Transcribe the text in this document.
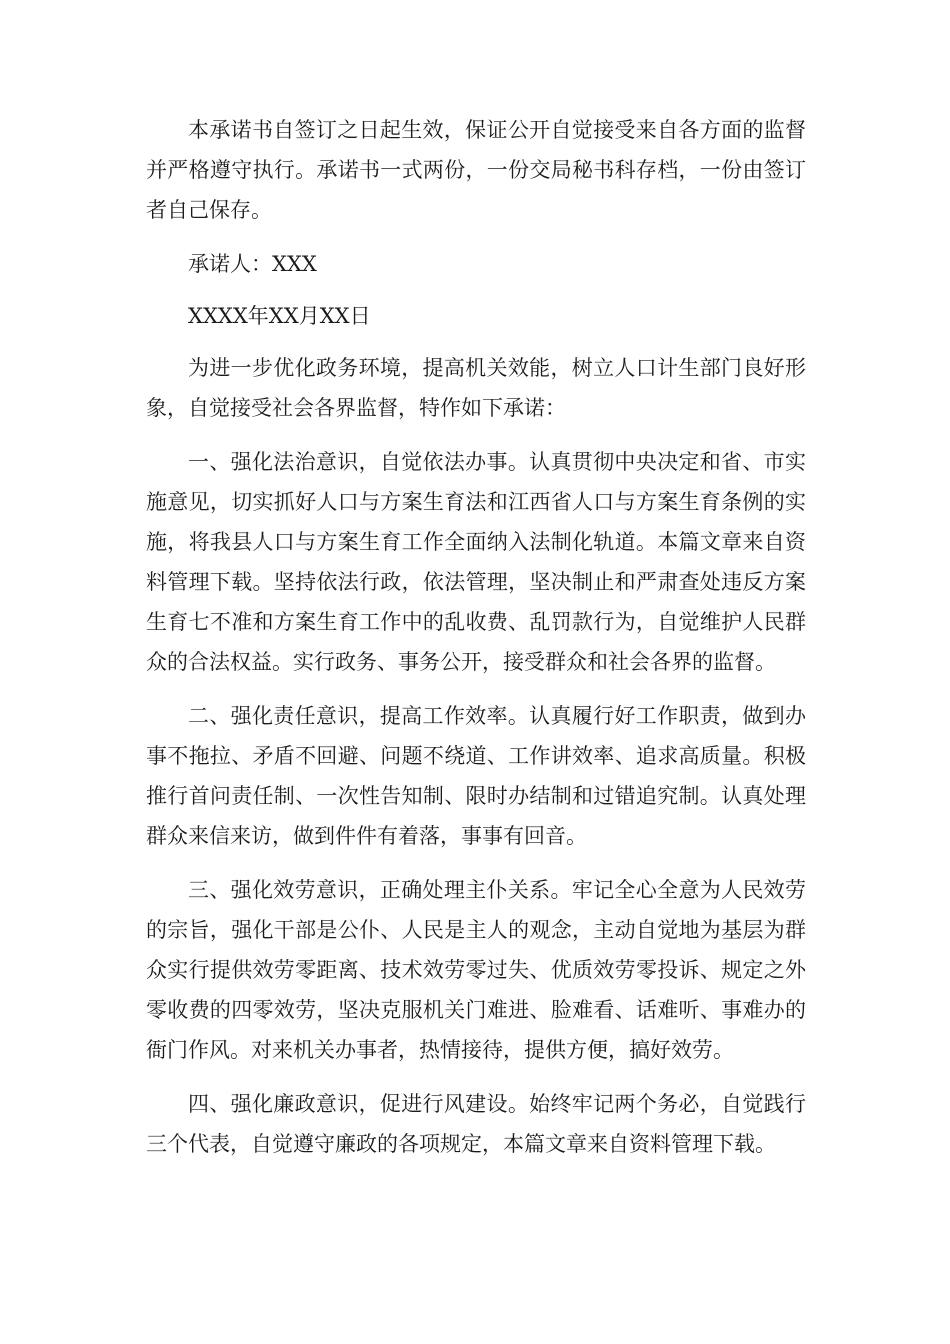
本承诺书自签订之日起生效，保证公开自觉接受来自各方面的监督并严格遵守执行。承诺书一式两份，一份交局秘书科存档，一份由签订者自己保存。

承诺人：XXX

XXXX年XX月XX日

为进一步优化政务环境，提高机关效能，树立人口计生部门良好形象，自觉接受社会各界监督，特作如下承诺：

一、强化法治意识，自觉依法办事。认真贯彻中央决定和省、市实施意见，切实抓好人口与方案生育法和江西省人口与方案生育条例的实施，将我县人口与方案生育工作全面纳入法制化轨道。本篇文章来自资料管理下载。坚持依法行政，依法管理，坚决制止和严肃查处违反方案生育七不准和方案生育工作中的乱收费、乱罚款行为，自觉维护人民群众的合法权益。实行政务、事务公开，接受群众和社会各界的监督。

二、强化责任意识，提高工作效率。认真履行好工作职责，做到办事不拖拉、矛盾不回避、问题不绕道、工作讲效率、追求高质量。积极推行首问责任制、一次性告知制、限时办结制和过错追究制。认真处理群众来信来访，做到件件有着落，事事有回音。

三、强化效劳意识，正确处理主仆关系。牢记全心全意为人民效劳的宗旨，强化干部是公仆、人民是主人的观念，主动自觉地为基层为群众实行提供效劳零距离、技术效劳零过失、优质效劳零投诉、规定之外零收费的四零效劳，坚决克服机关门难进、脸难看、话难听、事难办的衙门作风。对来机关办事者，热情接待，提供方便，搞好效劳。

四、强化廉政意识，促进行风建设。始终牢记两个务必，自觉践行三个代表，自觉遵守廉政的各项规定，本篇文章来自资料管理下载。
